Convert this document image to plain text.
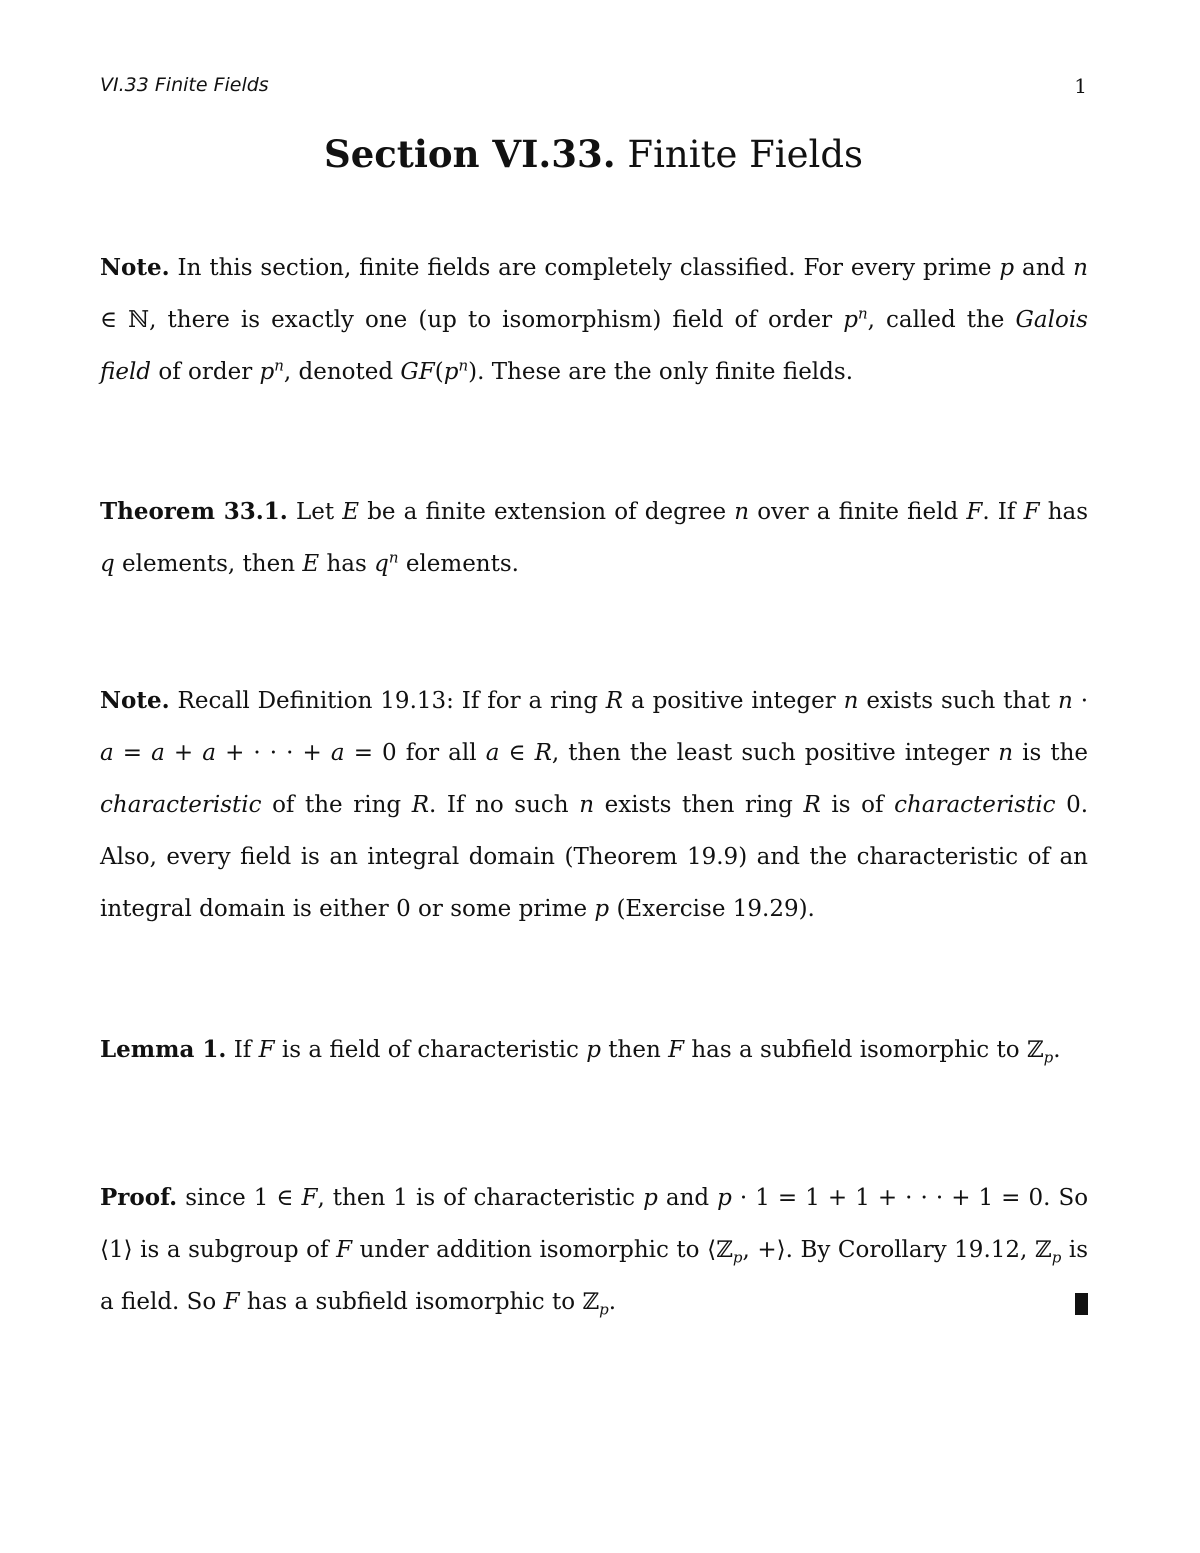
VI.33 Finite Fields	1
Section VI.33. Finite Fields
Note. In this section, finite fields are completely classified. For every prime p and n ∈ ℕ, there is exactly one (up to isomorphism) field of order $p^n$, called the Galois field of order $p^n$, denoted $GF(p^n)$. These are the only finite fields.
Theorem 33.1. Let E be a finite extension of degree n over a finite field F. If F has q elements, then E has $q^n$ elements.
Note. Recall Definition 19.13: If for a ring R a positive integer n exists such that n · a = a + a + · · · + a = 0 for all a ∈ R, then the least such positive integer n is the characteristic of the ring R. If no such n exists then ring R is of characteristic 0. Also, every field is an integral domain (Theorem 19.9) and the characteristic of an integral domain is either 0 or some prime p (Exercise 19.29).
Lemma 1. If F is a field of characteristic p then F has a subfield isomorphic to ℤ$_p$.
Proof. since 1 ∈ F, then 1 is of characteristic p and p · 1 = 1 + 1 + · · · + 1 = 0. So ⟨1⟩ is a subgroup of F under addition isomorphic to ⟨ℤ$_p$, +⟩. By Corollary 19.12, ℤ$_p$ is a field. So F has a subfield isomorphic to ℤ$_p$.
